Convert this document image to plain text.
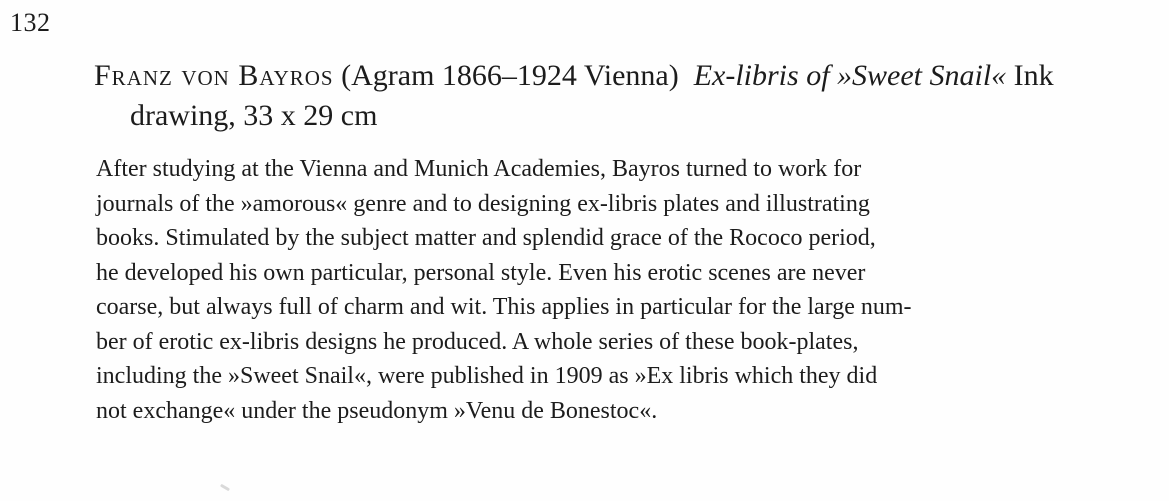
132
Franz von Bayros (Agram 1866–1924 Vienna) Ex-libris of »Sweet Snail« Ink drawing, 33 x 29 cm
After studying at the Vienna and Munich Academies, Bayros turned to work for
journals of the »amorous« genre and to designing ex-libris plates and illustrating
books. Stimulated by the subject matter and splendid grace of the Rococo period,
he developed his own particular, personal style. Even his erotic scenes are never
coarse, but always full of charm and wit. This applies in particular for the large num-
ber of erotic ex-libris designs he produced. A whole series of these book-plates,
including the »Sweet Snail«, were published in 1909 as »Ex libris which they did
not exchange« under the pseudonym »Venu de Bonestoc«.
